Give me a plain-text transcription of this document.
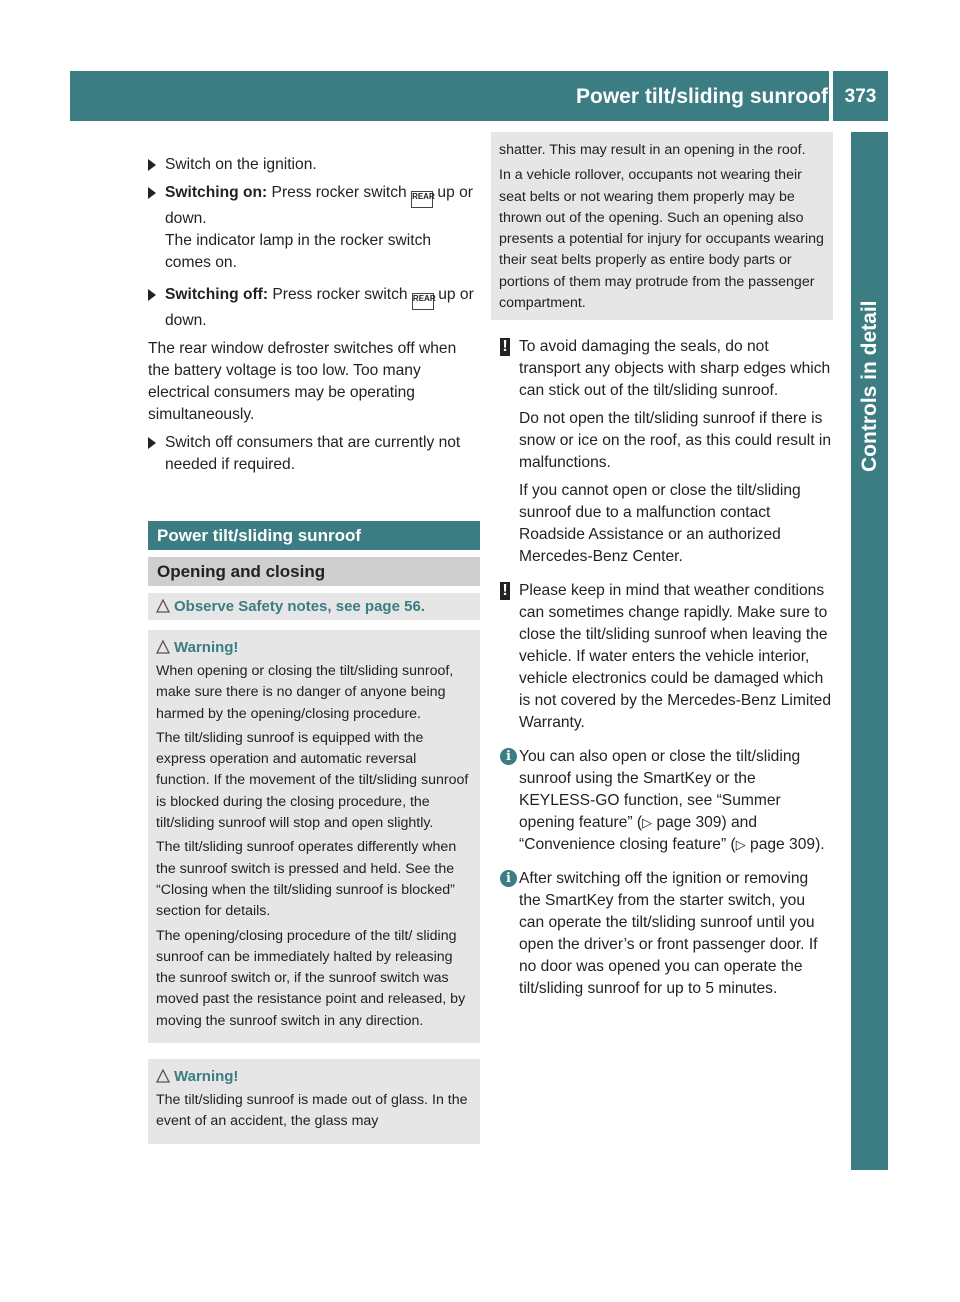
Power tilt/sliding sunroof 373
Controls in detail
Switch on the ignition.
Switching on: Press rocker switch REAR up or down.
The indicator lamp in the rocker switch comes on.
Switching off: Press rocker switch REAR up or down.

The rear window defroster switches off when the battery voltage is too low. Too many electrical consumers may be operating simultaneously.

Switch off consumers that are currently not needed if required.
Power tilt/sliding sunroof
Opening and closing
Observe Safety notes, see page 56.
Warning!

When opening or closing the tilt/sliding sunroof, make sure there is no danger of anyone being harmed by the opening/closing procedure.

The tilt/sliding sunroof is equipped with the express operation and automatic reversal function. If the movement of the tilt/sliding sunroof is blocked during the closing procedure, the tilt/sliding sunroof will stop and open slightly.

The tilt/sliding sunroof operates differently when the sunroof switch is pressed and held. See the “Closing when the tilt/sliding sunroof is blocked” section for details.

The opening/closing procedure of the tilt/ sliding sunroof can be immediately halted by releasing the sunroof switch or, if the sunroof switch was moved past the resistance point and released, by moving the sunroof switch in any direction.

Warning!

The tilt/sliding sunroof is made out of glass. In the event of an accident, the glass may

shatter. This may result in an opening in the roof.

In a vehicle rollover, occupants not wearing their seat belts or not wearing them properly may be thrown out of the opening. Such an opening also presents a potential for injury for occupants wearing their seat belts properly as entire body parts or portions of them may protrude from the passenger compartment.

! To avoid damaging the seals, do not transport any objects with sharp edges which can stick out of the tilt/sliding sunroof.

Do not open the tilt/sliding sunroof if there is snow or ice on the roof, as this could result in malfunctions.

If you cannot open or close the tilt/sliding sunroof due to a malfunction contact Roadside Assistance or an authorized Mercedes-Benz Center.

! Please keep in mind that weather conditions can sometimes change rapidly. Make sure to close the tilt/sliding sunroof when leaving the vehicle. If water enters the vehicle interior, vehicle electronics could be damaged which is not covered by the Mercedes-Benz Limited Warranty.

i You can also open or close the tilt/sliding sunroof using the SmartKey or the KEYLESS-GO function, see “Summer opening feature” (▷ page 309) and “Convenience closing feature” (▷ page 309).

i After switching off the ignition or removing the SmartKey from the starter switch, you can operate the tilt/sliding sunroof until you open the driver’s or front passenger door. If no door was opened you can operate the tilt/sliding sunroof for up to 5 minutes.
